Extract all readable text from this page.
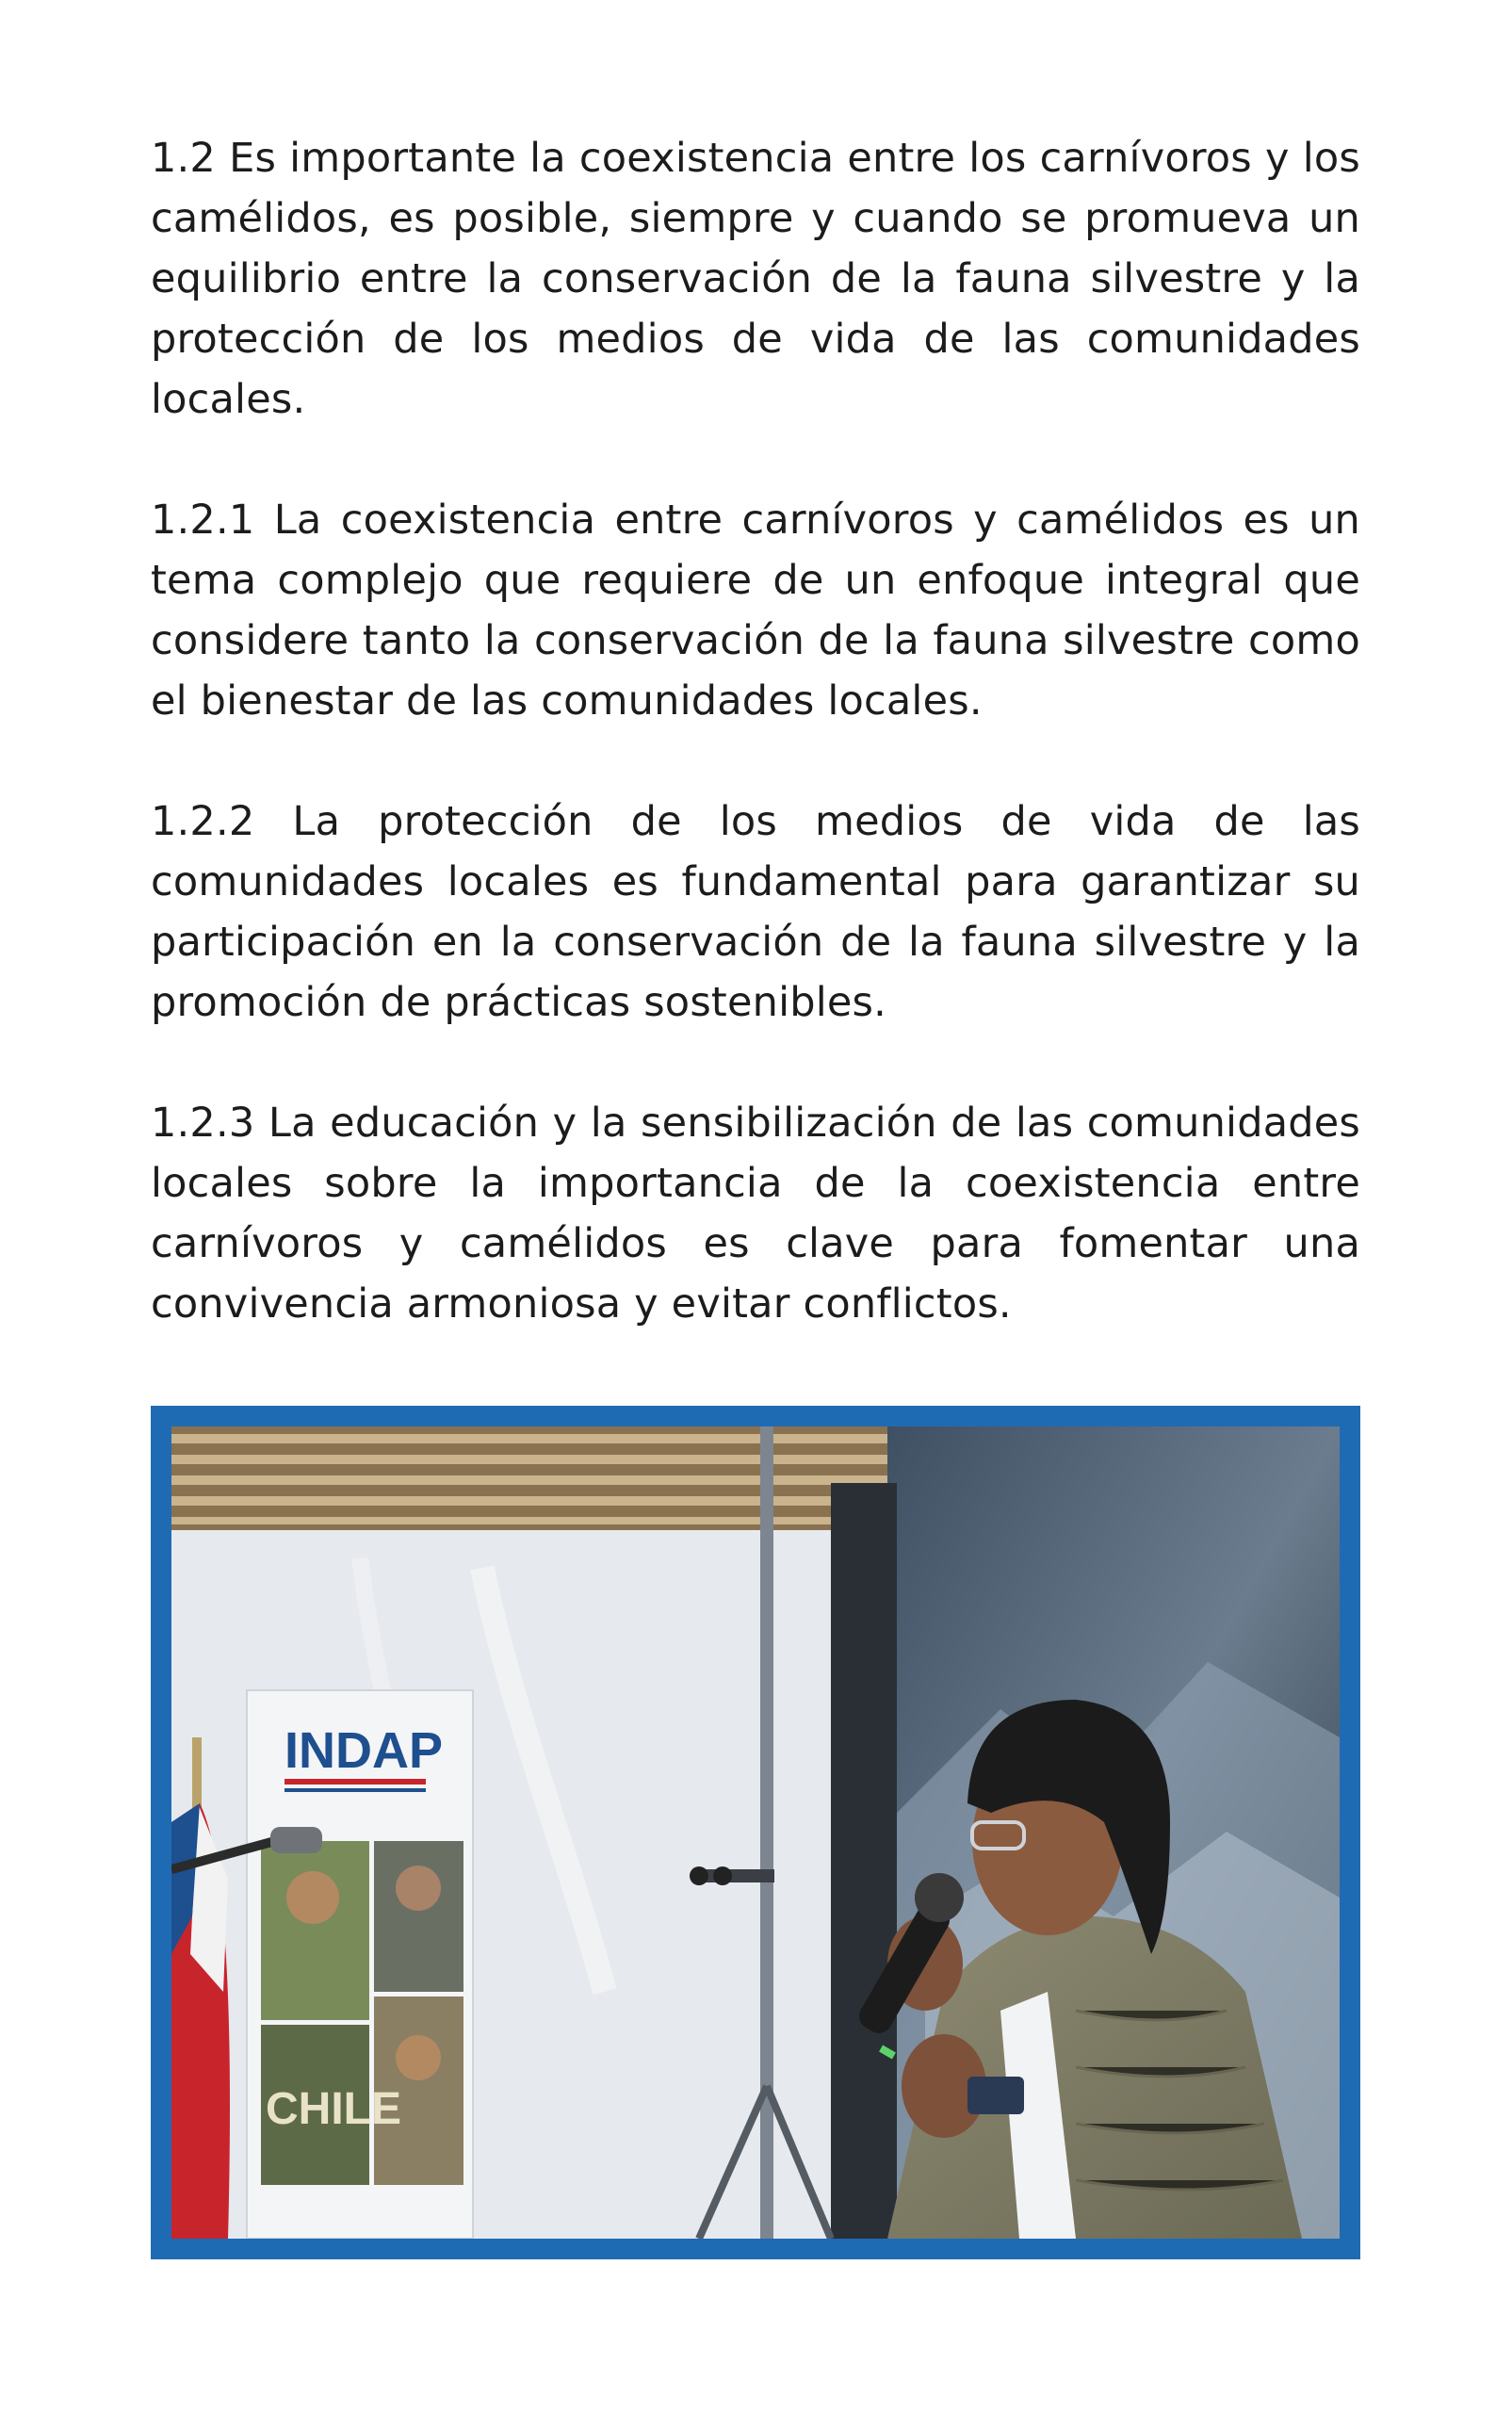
1.2 Es importante la coexistencia entre los carnívoros y los camélidos, es posible, siempre y cuando se promueva un equilibrio entre la conservación de la fauna silvestre y la protección de los medios de vida de las comunidades locales.

1.2.1 La coexistencia entre carnívoros y camélidos es un tema complejo que requiere de un enfoque integral que considere tanto la conservación de la fauna silvestre como el bienestar de las comunidades locales.

1.2.2 La protección de los medios de vida de las comunidades locales es fundamental para garantizar su participación en la conservación de la fauna silvestre y la promoción de prácticas sostenibles.

1.2.3 La educación y la sensibilización de las comunidades locales sobre la importancia de la coexistencia entre carnívoros y camélidos es clave para fomentar una convivencia armoniosa y evitar conflictos.

INDAP
CHILE
